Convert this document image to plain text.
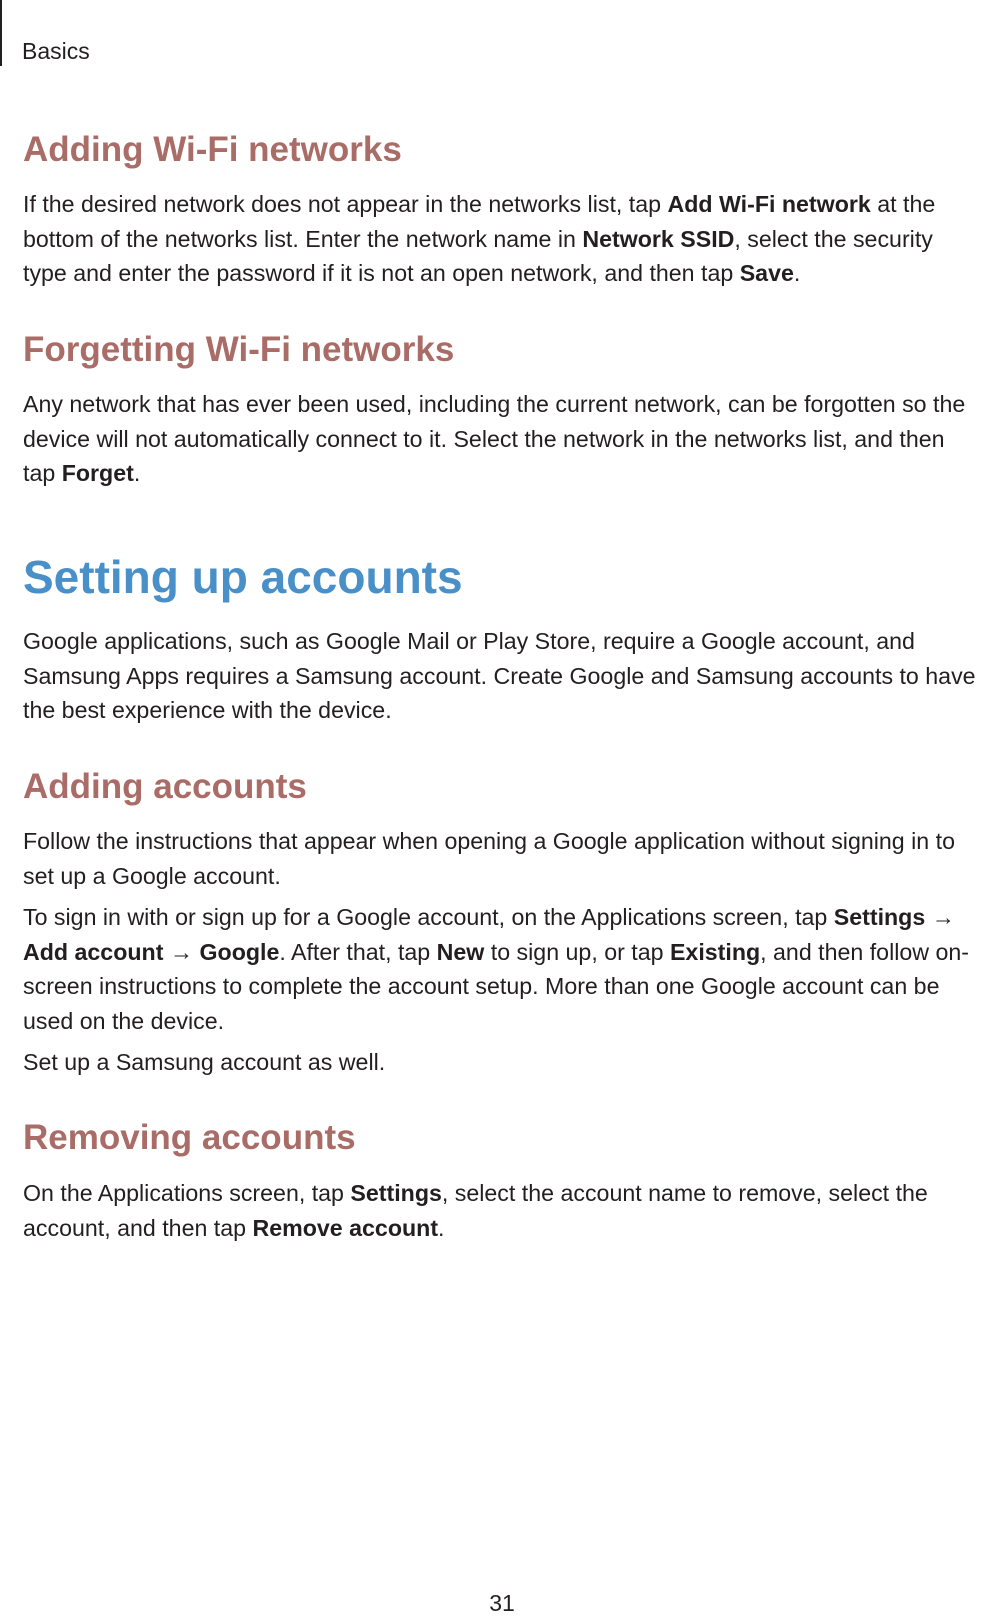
Basics
Adding Wi-Fi networks
If the desired network does not appear in the networks list, tap Add Wi-Fi network at the bottom of the networks list. Enter the network name in Network SSID, select the security type and enter the password if it is not an open network, and then tap Save.
Forgetting Wi-Fi networks
Any network that has ever been used, including the current network, can be forgotten so the device will not automatically connect to it. Select the network in the networks list, and then tap Forget.
Setting up accounts
Google applications, such as Google Mail or Play Store, require a Google account, and Samsung Apps requires a Samsung account. Create Google and Samsung accounts to have the best experience with the device.
Adding accounts
Follow the instructions that appear when opening a Google application without signing in to set up a Google account.
To sign in with or sign up for a Google account, on the Applications screen, tap Settings → Add account → Google. After that, tap New to sign up, or tap Existing, and then follow on-screen instructions to complete the account setup. More than one Google account can be used on the device.
Set up a Samsung account as well.
Removing accounts
On the Applications screen, tap Settings, select the account name to remove, select the account, and then tap Remove account.
31
